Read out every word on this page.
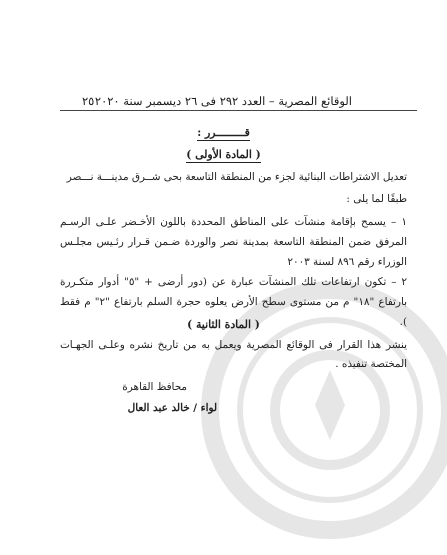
الوقائع المصرية – العدد ٢٩٢ فى ٢٦ ديسمبر سنة ٢٠٢٠
٢٥
قـــــــــرر :
( المادة الأولى )
تعديل الاشتراطات البنائية لجزء من المنطقة التاسعة بحى شــرق مدينـــة نـــصر
طبقًا لما يلى :
١ – يسمح بإقامة منشآت على المناطق المحددة باللون الأخـضر علـى الرسـم المرفق ضمن المنطقة التاسعة بمدينة نصر والوردة ضـمن قـرار رئـيس مجلـس الوزراء رقم ٨٩٦ لسنة ٢٠٠٣
٢ – تكون ارتفاعات تلك المنشآت عبارة عن (دور أرضى + "٥" أدوار متكـررة بارتفاع "١٨" م من مستوى سطح الأرض يعلوه حجرة السلم بارتفاع "٢" م فقط ).
( المادة الثانية )
ينشر هذا القرار فى الوقائع المصرية ويعمل به من تاريخ نشره وعلـى الجهـات المختصة تنفيذه .
محافظ القاهرة
لواء / خالد عبد العال
